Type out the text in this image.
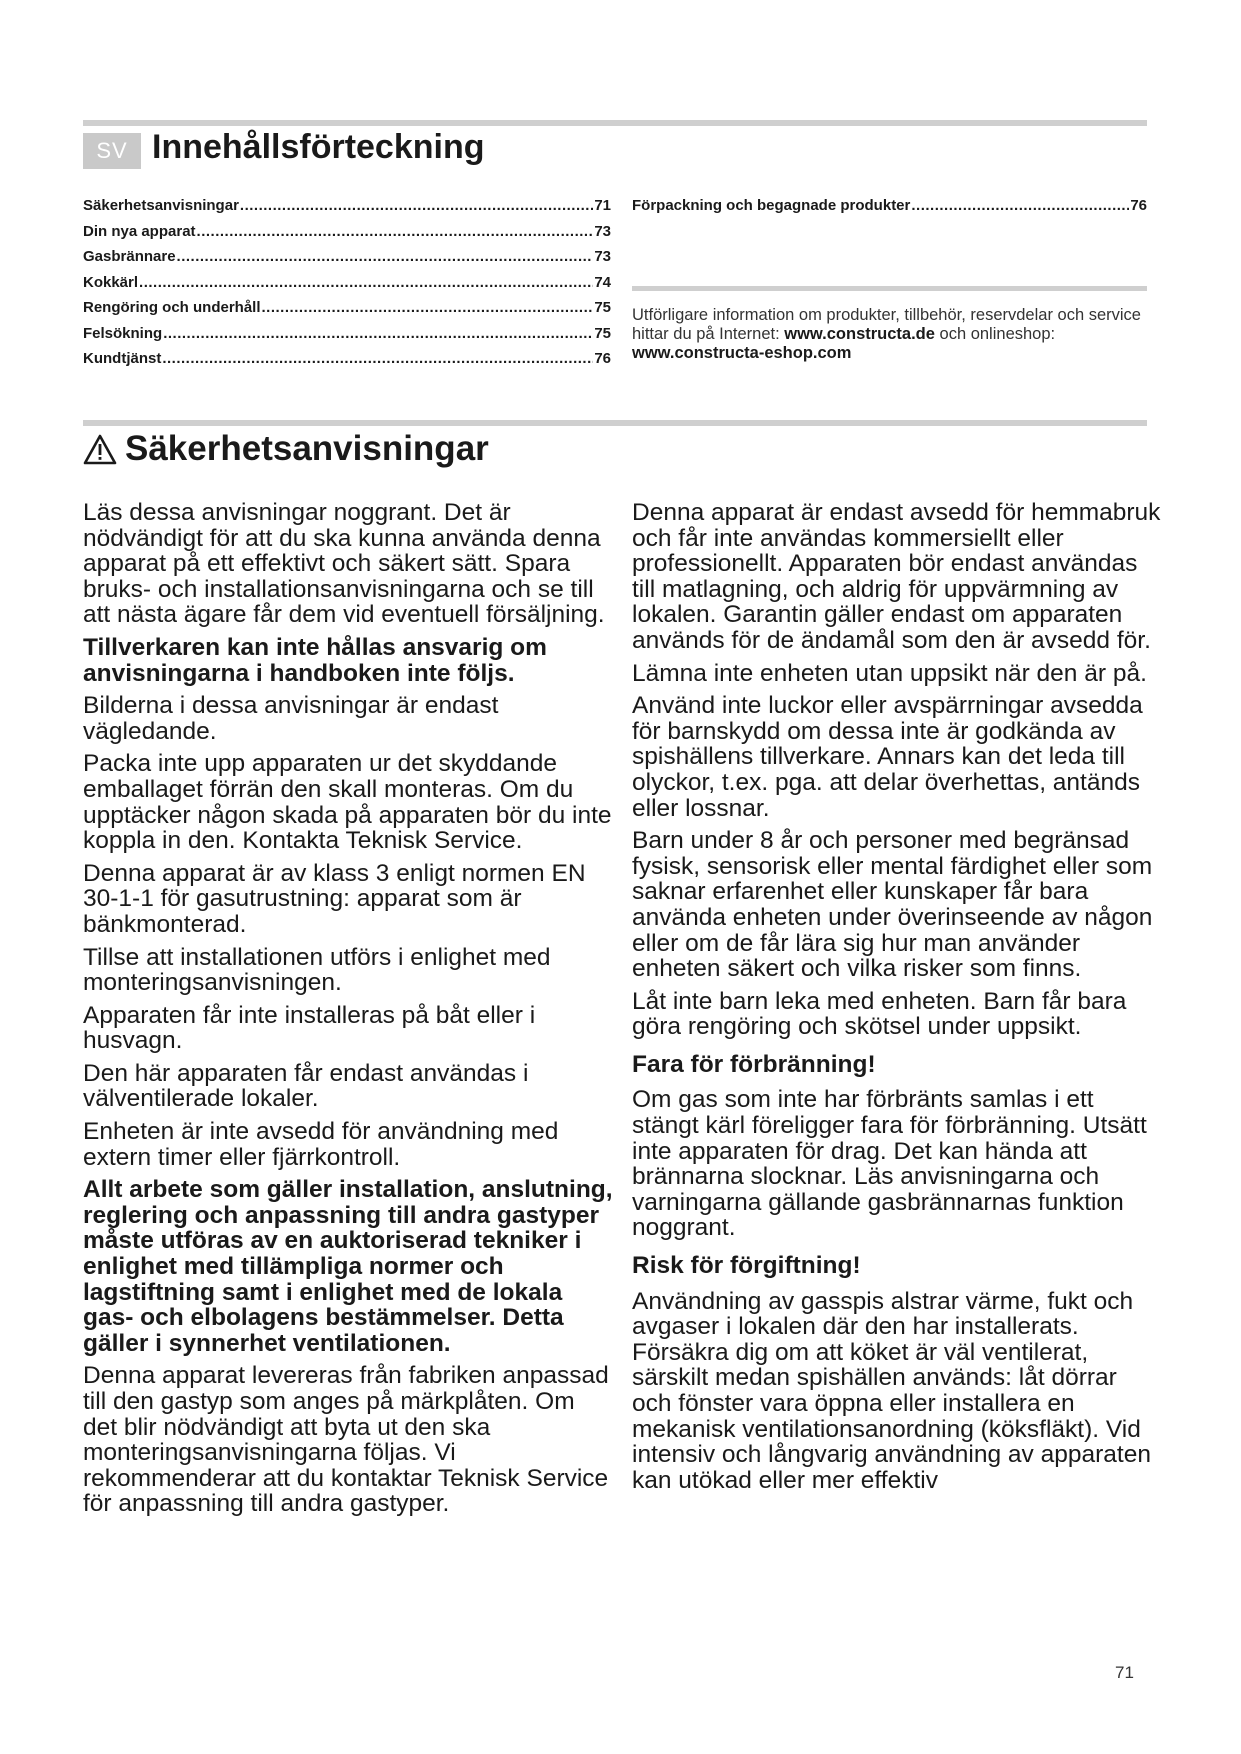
SV Innehållsförteckning
Säkerhetsanvisningar .....	71
Din nya apparat .....	73
Gasbrännare .....	73
Kokkärl .....	74
Rengöring och underhåll .....	75
Felsökning .....	75
Kundtjänst .....	76
Förpackning och begagnade produkter .....	76
Utförligare information om produkter, tillbehör, reservdelar och service hittar du på Internet: www.constructa.de och onlineshop: www.constructa-eshop.com
Säkerhetsanvisningar

Läs dessa anvisningar noggrant. Det är nödvändigt för att du ska kunna använda denna apparat på ett effektivt och säkert sätt. Spara bruks- och installationsanvisningarna och se till att nästa ägare får dem vid eventuell försäljning.

Tillverkaren kan inte hållas ansvarig om anvisningarna i handboken inte följs.

Bilderna i dessa anvisningar är endast vägledande.

Packa inte upp apparaten ur det skyddande emballaget förrän den skall monteras. Om du upptäcker någon skada på apparaten bör du inte koppla in den. Kontakta Teknisk Service.

Denna apparat är av klass 3 enligt normen EN 30-1-1 för gasutrustning: apparat som är bänkmonterad.

Tillse att installationen utförs i enlighet med monteringsanvisningen.

Apparaten får inte installeras på båt eller i husvagn.

Den här apparaten får endast användas i välventilerade lokaler.

Enheten är inte avsedd för användning med extern timer eller fjärrkontroll.

Allt arbete som gäller installation, anslutning, reglering och anpassning till andra gastyper måste utföras av en auktoriserad tekniker i enlighet med tillämpliga normer och lagstiftning samt i enlighet med de lokala gas- och elbolagens bestämmelser. Detta gäller i synnerhet ventilationen.

Denna apparat levereras från fabriken anpassad till den gastyp som anges på märkplåten. Om det blir nödvändigt att byta ut den ska monteringsanvisningarna följas. Vi rekommenderar att du kontaktar Teknisk Service för anpassning till andra gastyper.

Denna apparat är endast avsedd för hemmabruk och får inte användas kommersiellt eller professionellt. Apparaten bör endast användas till matlagning, och aldrig för uppvärmning av lokalen. Garantin gäller endast om apparaten används för de ändamål som den är avsedd för.

Lämna inte enheten utan uppsikt när den är på.

Använd inte luckor eller avspärrningar avsedda för barnskydd om dessa inte är godkända av spishällens tillverkare. Annars kan det leda till olyckor, t.ex. pga. att delar överhettas, antänds eller lossnar.

Barn under 8 år och personer med begränsad fysisk, sensorisk eller mental färdighet eller som saknar erfarenhet eller kunskaper får bara använda enheten under överinseende av någon eller om de får lära sig hur man använder enheten säkert och vilka risker som finns.

Låt inte barn leka med enheten. Barn får bara göra rengöring och skötsel under uppsikt.

Fara för förbränning!

Om gas som inte har förbränts samlas i ett stängt kärl föreligger fara för förbränning. Utsätt inte apparaten för drag. Det kan hända att brännarna slocknar. Läs anvisningarna och varningarna gällande gasbrännarnas funktion noggrant.

Risk för förgiftning!

Användning av gasspis alstrar värme, fukt och avgaser i lokalen där den har installerats. Försäkra dig om att köket är väl ventilerat, särskilt medan spishällen används: låt dörrar och fönster vara öppna eller installera en mekanisk ventilationsanordning (köksfläkt). Vid intensiv och långvarig användning av apparaten kan utökad eller mer effektiv

71
